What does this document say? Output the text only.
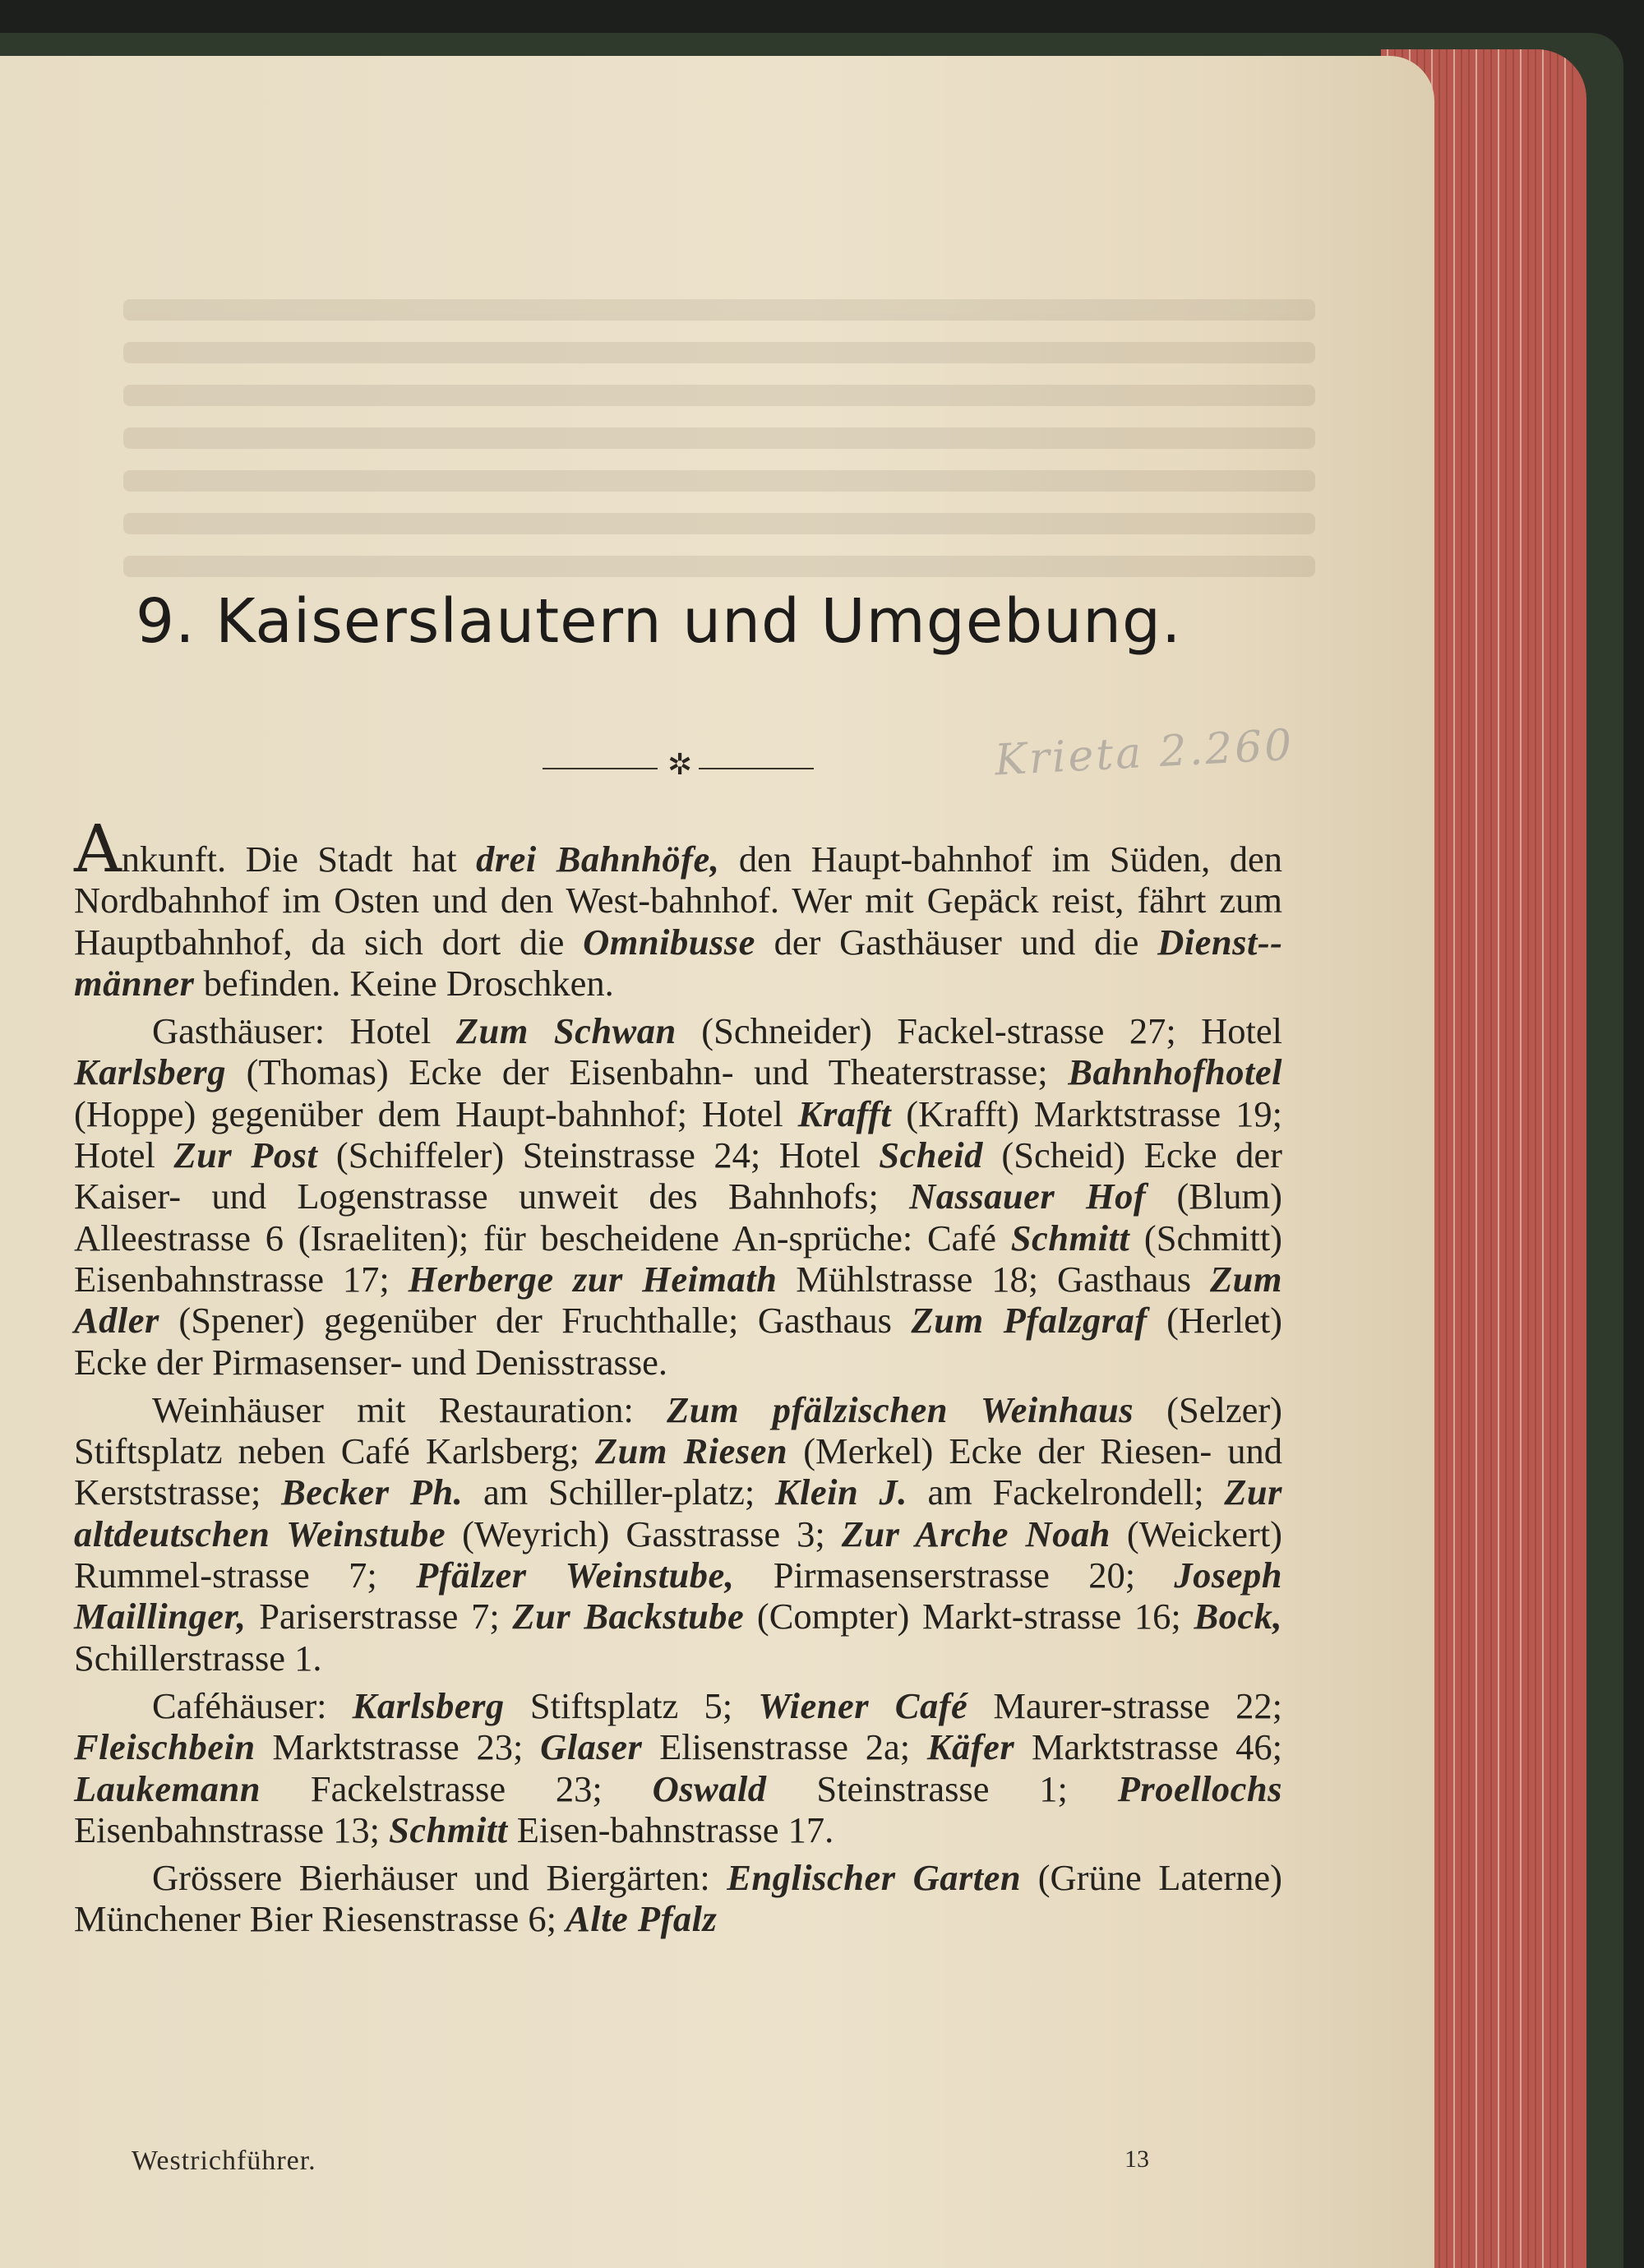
9. Kaiserslautern und Umgebung.
✲	Krieta 2.260

Ankunft. Die Stadt hat drei Bahnhöfe, den Haupt-bahnhof im Süden, den Nordbahnhof im Osten und den West-bahnhof. Wer mit Gepäck reist, fährt zum Hauptbahnhof, da sich dort die Omnibusse der Gasthäuser und die Dienst-männer befinden. Keine Droschken.

Gasthäuser: Hotel Zum Schwan (Schneider) Fackel-strasse 27; Hotel Karlsberg (Thomas) Ecke der Eisenbahn- und Theaterstrasse; Bahnhofhotel (Hoppe) gegenüber dem Haupt-bahnhof; Hotel Krafft (Krafft) Marktstrasse 19; Hotel Zur Post (Schiffeler) Steinstrasse 24; Hotel Scheid (Scheid) Ecke der Kaiser- und Logenstrasse unweit des Bahnhofs; Nassauer Hof (Blum) Alleestrasse 6 (Israeliten); für bescheidene An-sprüche: Café Schmitt (Schmitt) Eisenbahnstrasse 17; Herberge zur Heimath Mühlstrasse 18; Gasthaus Zum Adler (Spener) gegenüber der Fruchthalle; Gasthaus Zum Pfalzgraf (Herlet) Ecke der Pirmasenser- und Denisstrasse.

Weinhäuser mit Restauration: Zum pfälzischen Weinhaus (Selzer) Stiftsplatz neben Café Karlsberg; Zum Riesen (Merkel) Ecke der Riesen- und Kerststrasse; Becker Ph. am Schiller-platz; Klein J. am Fackelrondell; Zur altdeutschen Weinstube (Weyrich) Gasstrasse 3; Zur Arche Noah (Weickert) Rummel-strasse 7; Pfälzer Weinstube, Pirmasenserstrasse 20; Joseph Maillinger, Pariserstrasse 7; Zur Backstube (Compter) Markt-strasse 16; Bock, Schillerstrasse 1.

Caféhäuser: Karlsberg Stiftsplatz 5; Wiener Café Maurer-strasse 22; Fleischbein Marktstrasse 23; Glaser Elisenstrasse 2a; Käfer Marktstrasse 46; Laukemann Fackelstrasse 23; Oswald Steinstrasse 1; Proellochs Eisenbahnstrasse 13; Schmitt Eisen-bahnstrasse 17.

Grössere Bierhäuser und Biergärten: Englischer Garten (Grüne Laterne) Münchener Bier Riesenstrasse 6; Alte Pfalz

Westrichführer.	13
